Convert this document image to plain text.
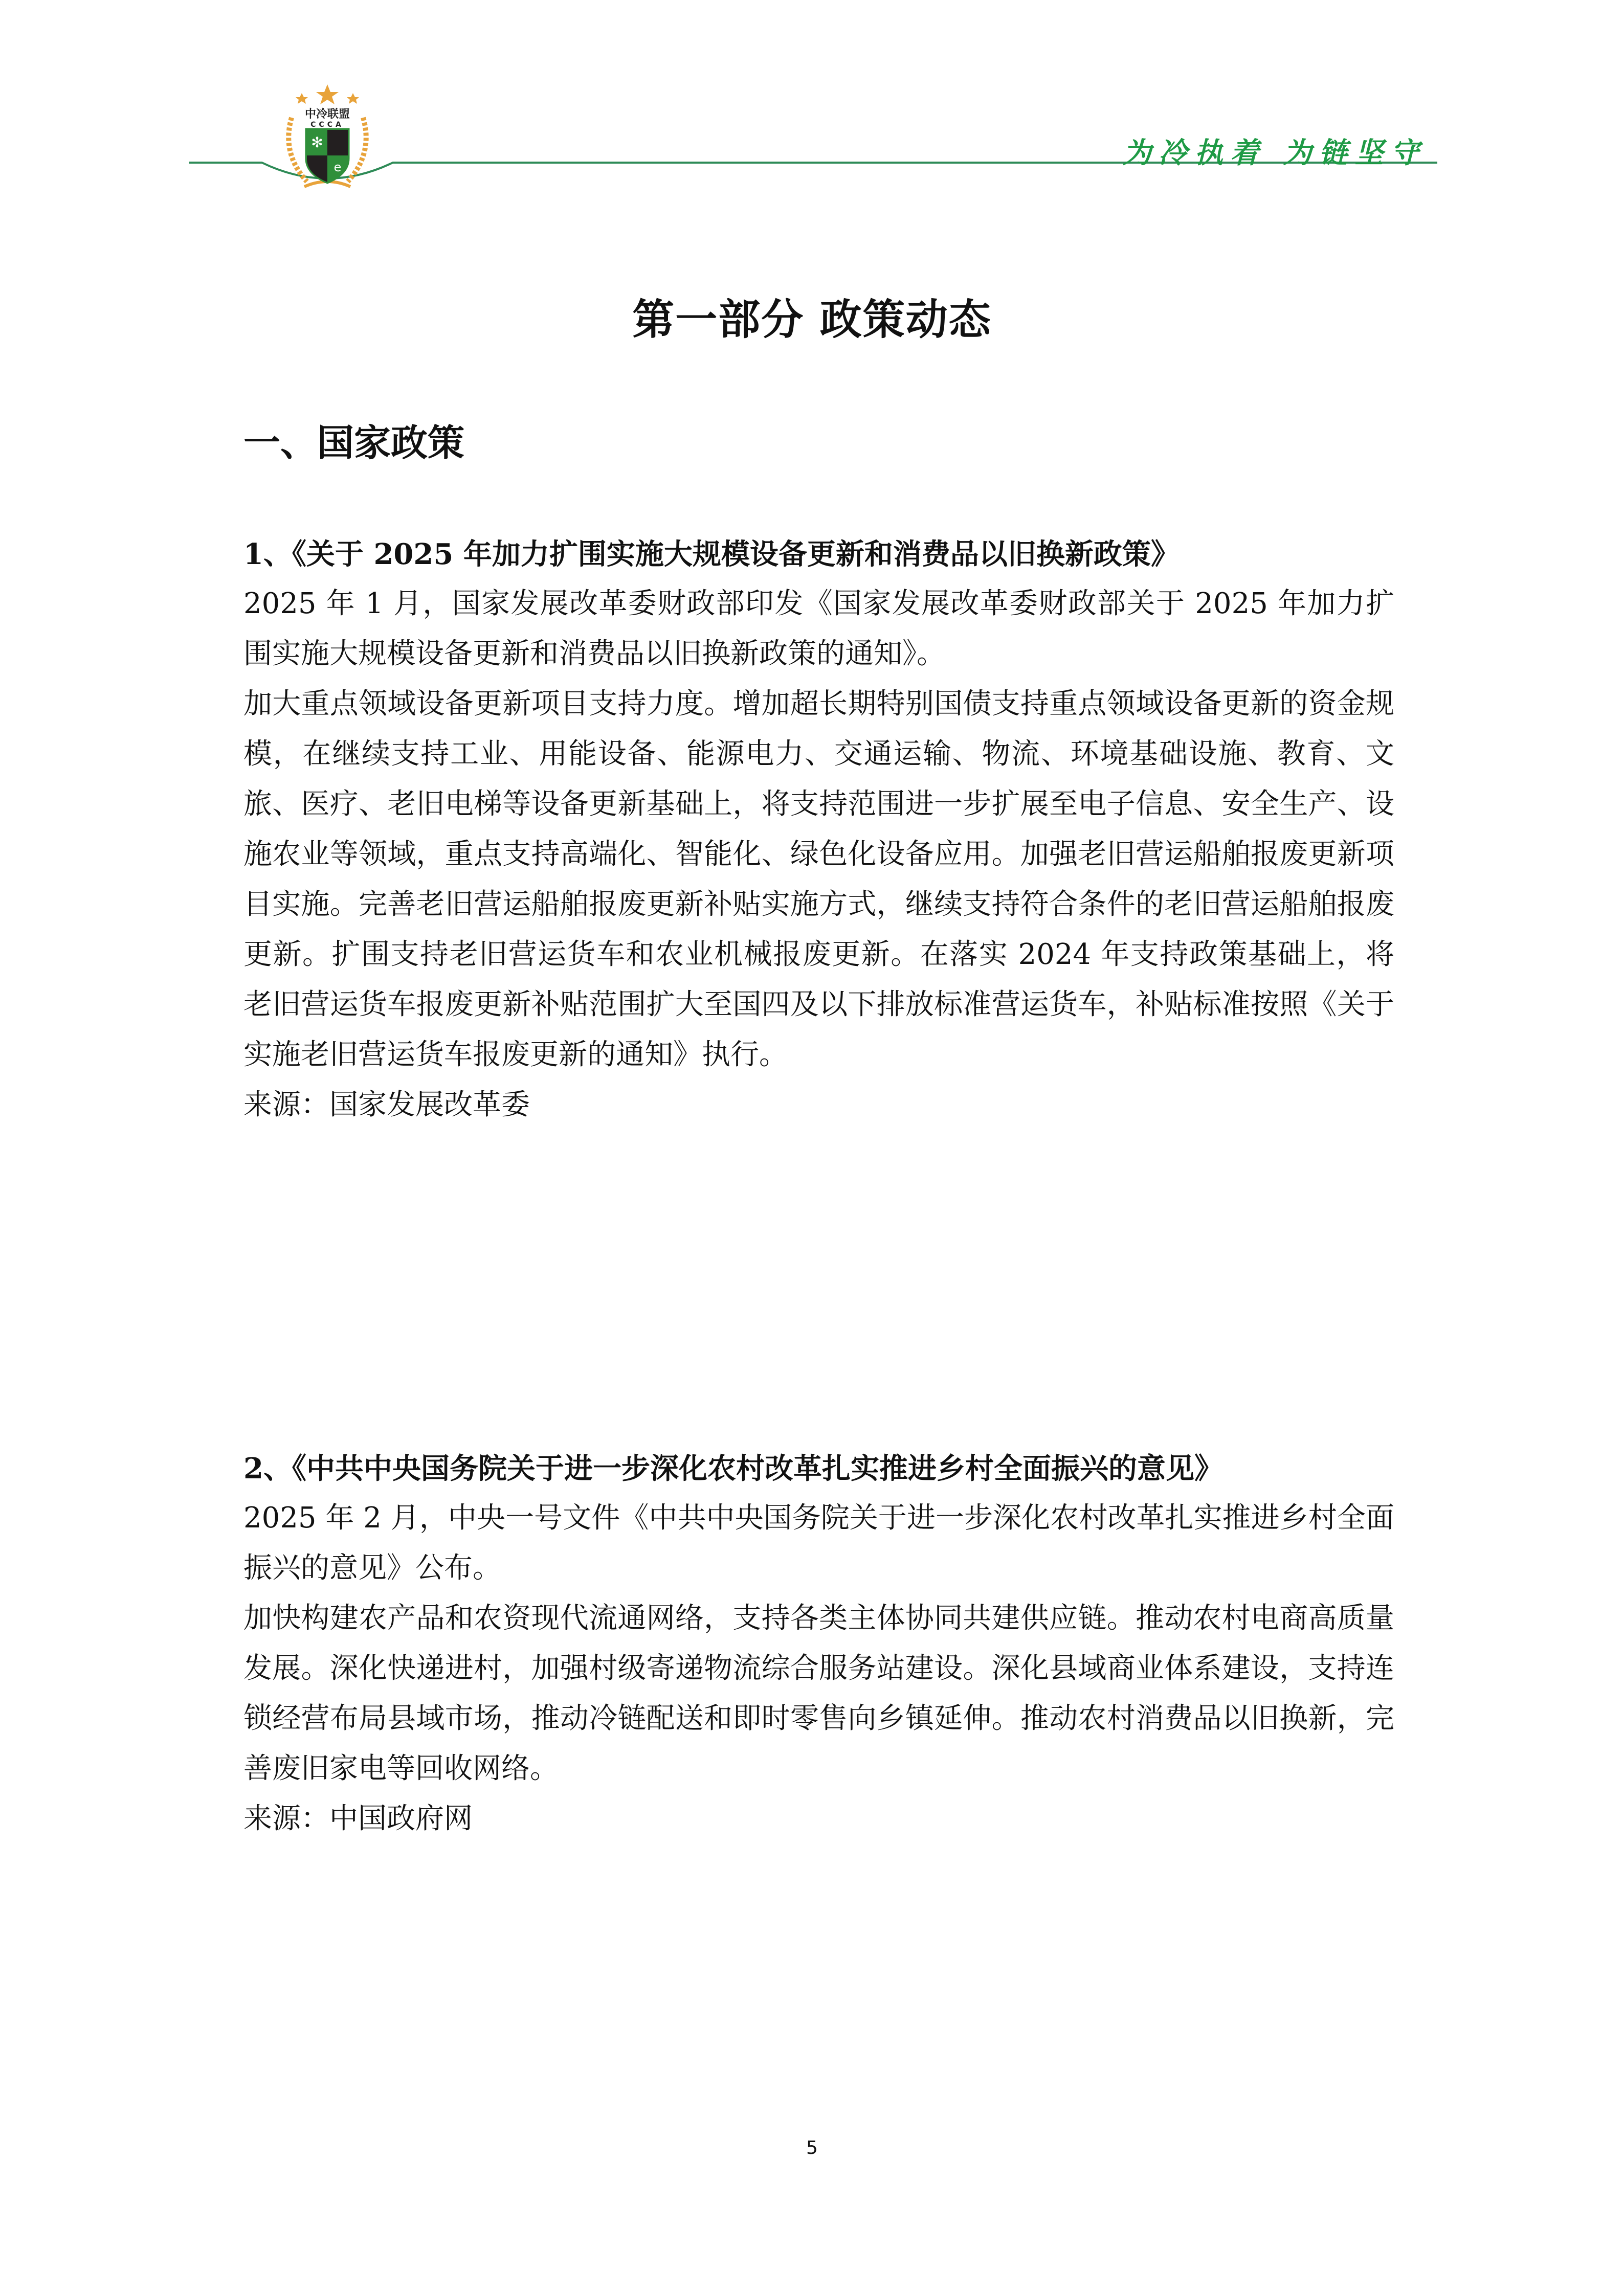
中冷联盟
CCCA
✻
e	为冷执着 为链坚守
第一部分 政策动态
一、国家政策
1、《关于 2025 年加力扩围实施大规模设备更新和消费品以旧换新政策》

2025 年 1 月，国家发展改革委财政部印发《国家发展改革委财政部关于 2025 年加力扩围实施大规模设备更新和消费品以旧换新政策的通知》。

加大重点领域设备更新项目支持力度。增加超长期特别国债支持重点领域设备更新的资金规模，在继续支持工业、用能设备、能源电力、交通运输、物流、环境基础设施、教育、文旅、医疗、老旧电梯等设备更新基础上，将支持范围进一步扩展至电子信息、安全生产、设施农业等领域，重点支持高端化、智能化、绿色化设备应用。加强老旧营运船舶报废更新项目实施。完善老旧营运船舶报废更新补贴实施方式，继续支持符合条件的老旧营运船舶报废更新。扩围支持老旧营运货车和农业机械报废更新。在落实 2024 年支持政策基础上，将老旧营运货车报废更新补贴范围扩大至国四及以下排放标准营运货车，补贴标准按照《关于实施老旧营运货车报废更新的通知》执行。

来源：国家发展改革委

2、《中共中央国务院关于进一步深化农村改革扎实推进乡村全面振兴的意见》

2025 年 2 月，中央一号文件《中共中央国务院关于进一步深化农村改革扎实推进乡村全面振兴的意见》公布。

加快构建农产品和农资现代流通网络，支持各类主体协同共建供应链。推动农村电商高质量发展。深化快递进村，加强村级寄递物流综合服务站建设。深化县域商业体系建设，支持连锁经营布局县域市场，推动冷链配送和即时零售向乡镇延伸。推动农村消费品以旧换新，完善废旧家电等回收网络。

来源：中国政府网

5
